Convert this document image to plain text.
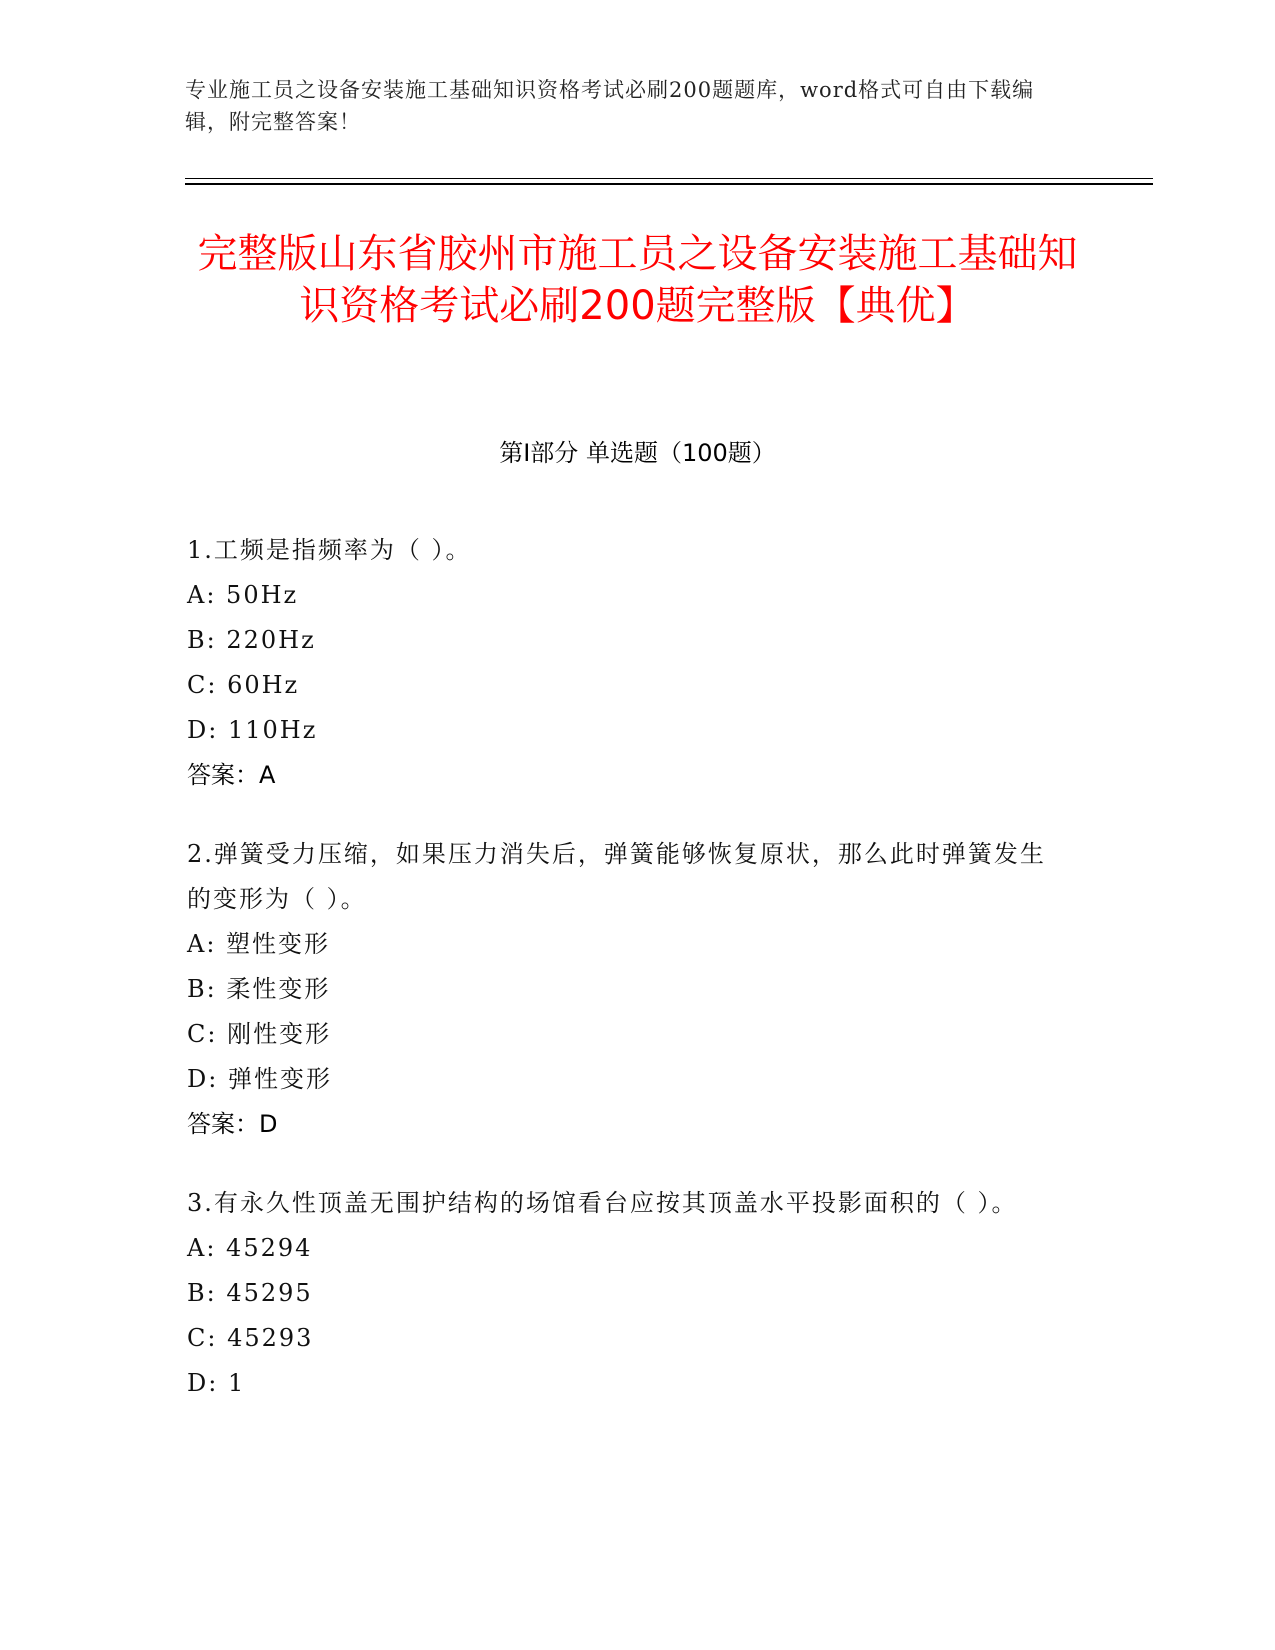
专业施工员之设备安装施工基础知识资格考试必刷200题题库，word格式可自由下载编辑，附完整答案！
完整版山东省胶州市施工员之设备安装施工基础知识资格考试必刷200题完整版【典优】
第I部分 单选题（100题）
1.工频是指频率为（ ）。
A: 50Hz
B: 220Hz
C: 60Hz
D: 110Hz
答案：A
2.弹簧受力压缩，如果压力消失后，弹簧能够恢复原状，那么此时弹簧发生的变形为（ ）。
A: 塑性变形
B: 柔性变形
C: 刚性变形
D: 弹性变形
答案：D
3.有永久性顶盖无围护结构的场馆看台应按其顶盖水平投影面积的（ ）。
A: 45294
B: 45295
C: 45293
D: 1
